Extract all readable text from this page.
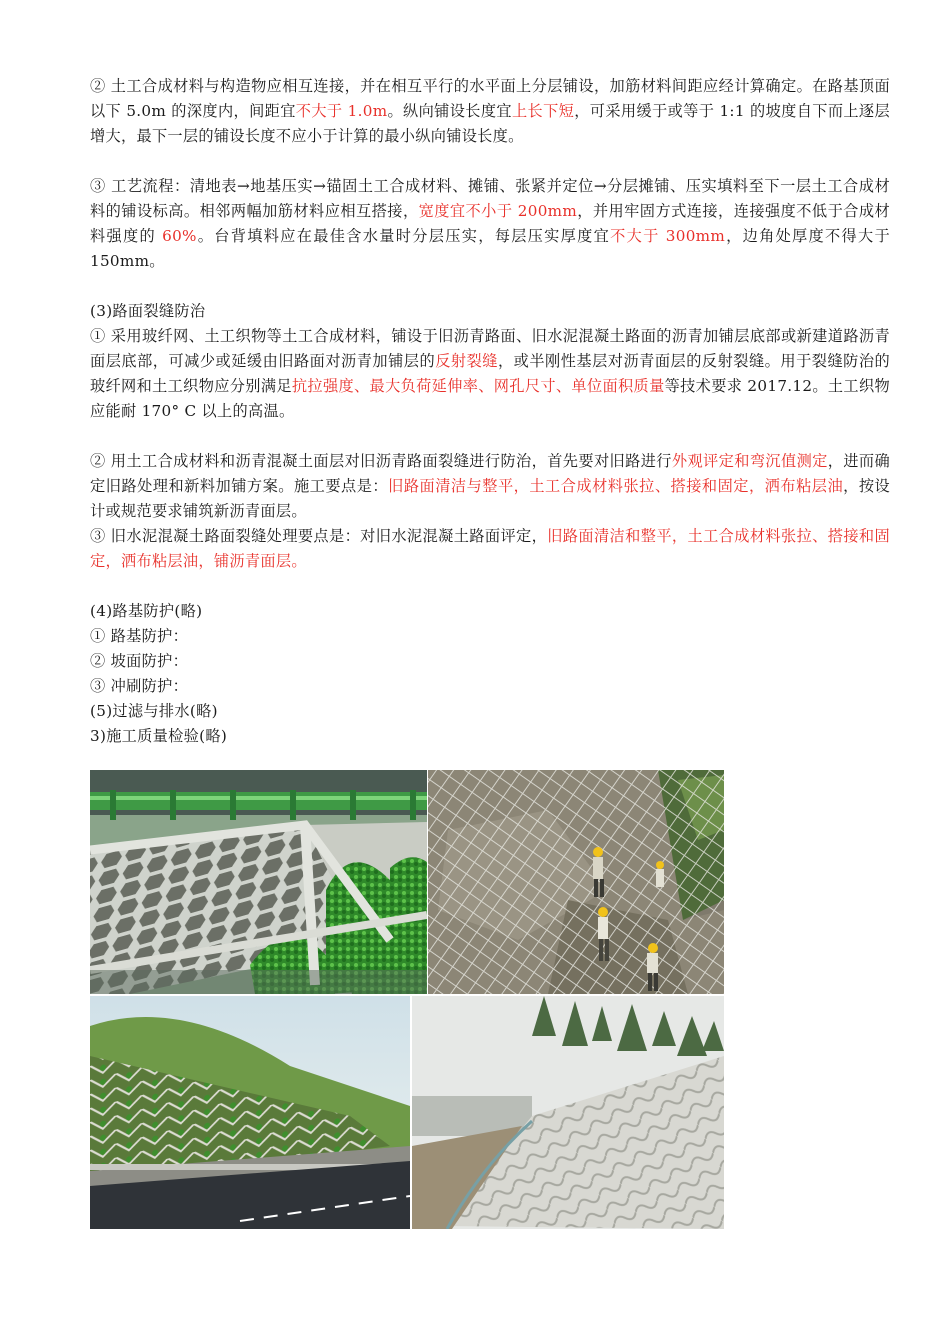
② 土工合成材料与构造物应相互连接，并在相互平行的水平面上分层铺设，加筋材料间距应经计算确定。在路基顶面以下 5.0m 的深度内，间距宜不大于 1.0m。纵向铺设长度宜上长下短，可采用缓于或等于 1:1 的坡度自下而上逐层增大，最下一层的铺设长度不应小于计算的最小纵向铺设长度。

③ 工艺流程：清地表→地基压实→锚固土工合成材料、摊铺、张紧并定位→分层摊铺、压实填料至下一层土工合成材料的铺设标高。相邻两幅加筋材料应相互搭接，宽度宜不小于 200mm，并用牢固方式连接，连接强度不低于合成材料强度的 60%。台背填料应在最佳含水量时分层压实，每层压实厚度宜不大于 300mm，边角处厚度不得大于 150mm。

(3)路面裂缝防治

① 采用玻纤网、土工织物等土工合成材料，铺设于旧沥青路面、旧水泥混凝土路面的沥青加铺层底部或新建道路沥青面层底部，可减少或延缓由旧路面对沥青加铺层的反射裂缝，或半刚性基层对沥青面层的反射裂缝。用于裂缝防治的玻纤网和土工织物应分别满足抗拉强度、最大负荷延伸率、网孔尺寸、单位面积质量等技术要求 2017.12。土工织物应能耐 170° C 以上的高温。

② 用土工合成材料和沥青混凝土面层对旧沥青路面裂缝进行防治，首先要对旧路进行外观评定和弯沉值测定，进而确定旧路处理和新料加铺方案。施工要点是：旧路面清洁与整平，土工合成材料张拉、搭接和固定，洒布粘层油，按设计或规范要求铺筑新沥青面层。

③ 旧水泥混凝土路面裂缝处理要点是：对旧水泥混凝土路面评定，旧路面清洁和整平，土工合成材料张拉、搭接和固定，洒布粘层油，铺沥青面层。

(4)路基防护(略)

① 路基防护：

② 坡面防护：

③ 冲刷防护：

(5)过滤与排水(略)

3)施工质量检验(略)
